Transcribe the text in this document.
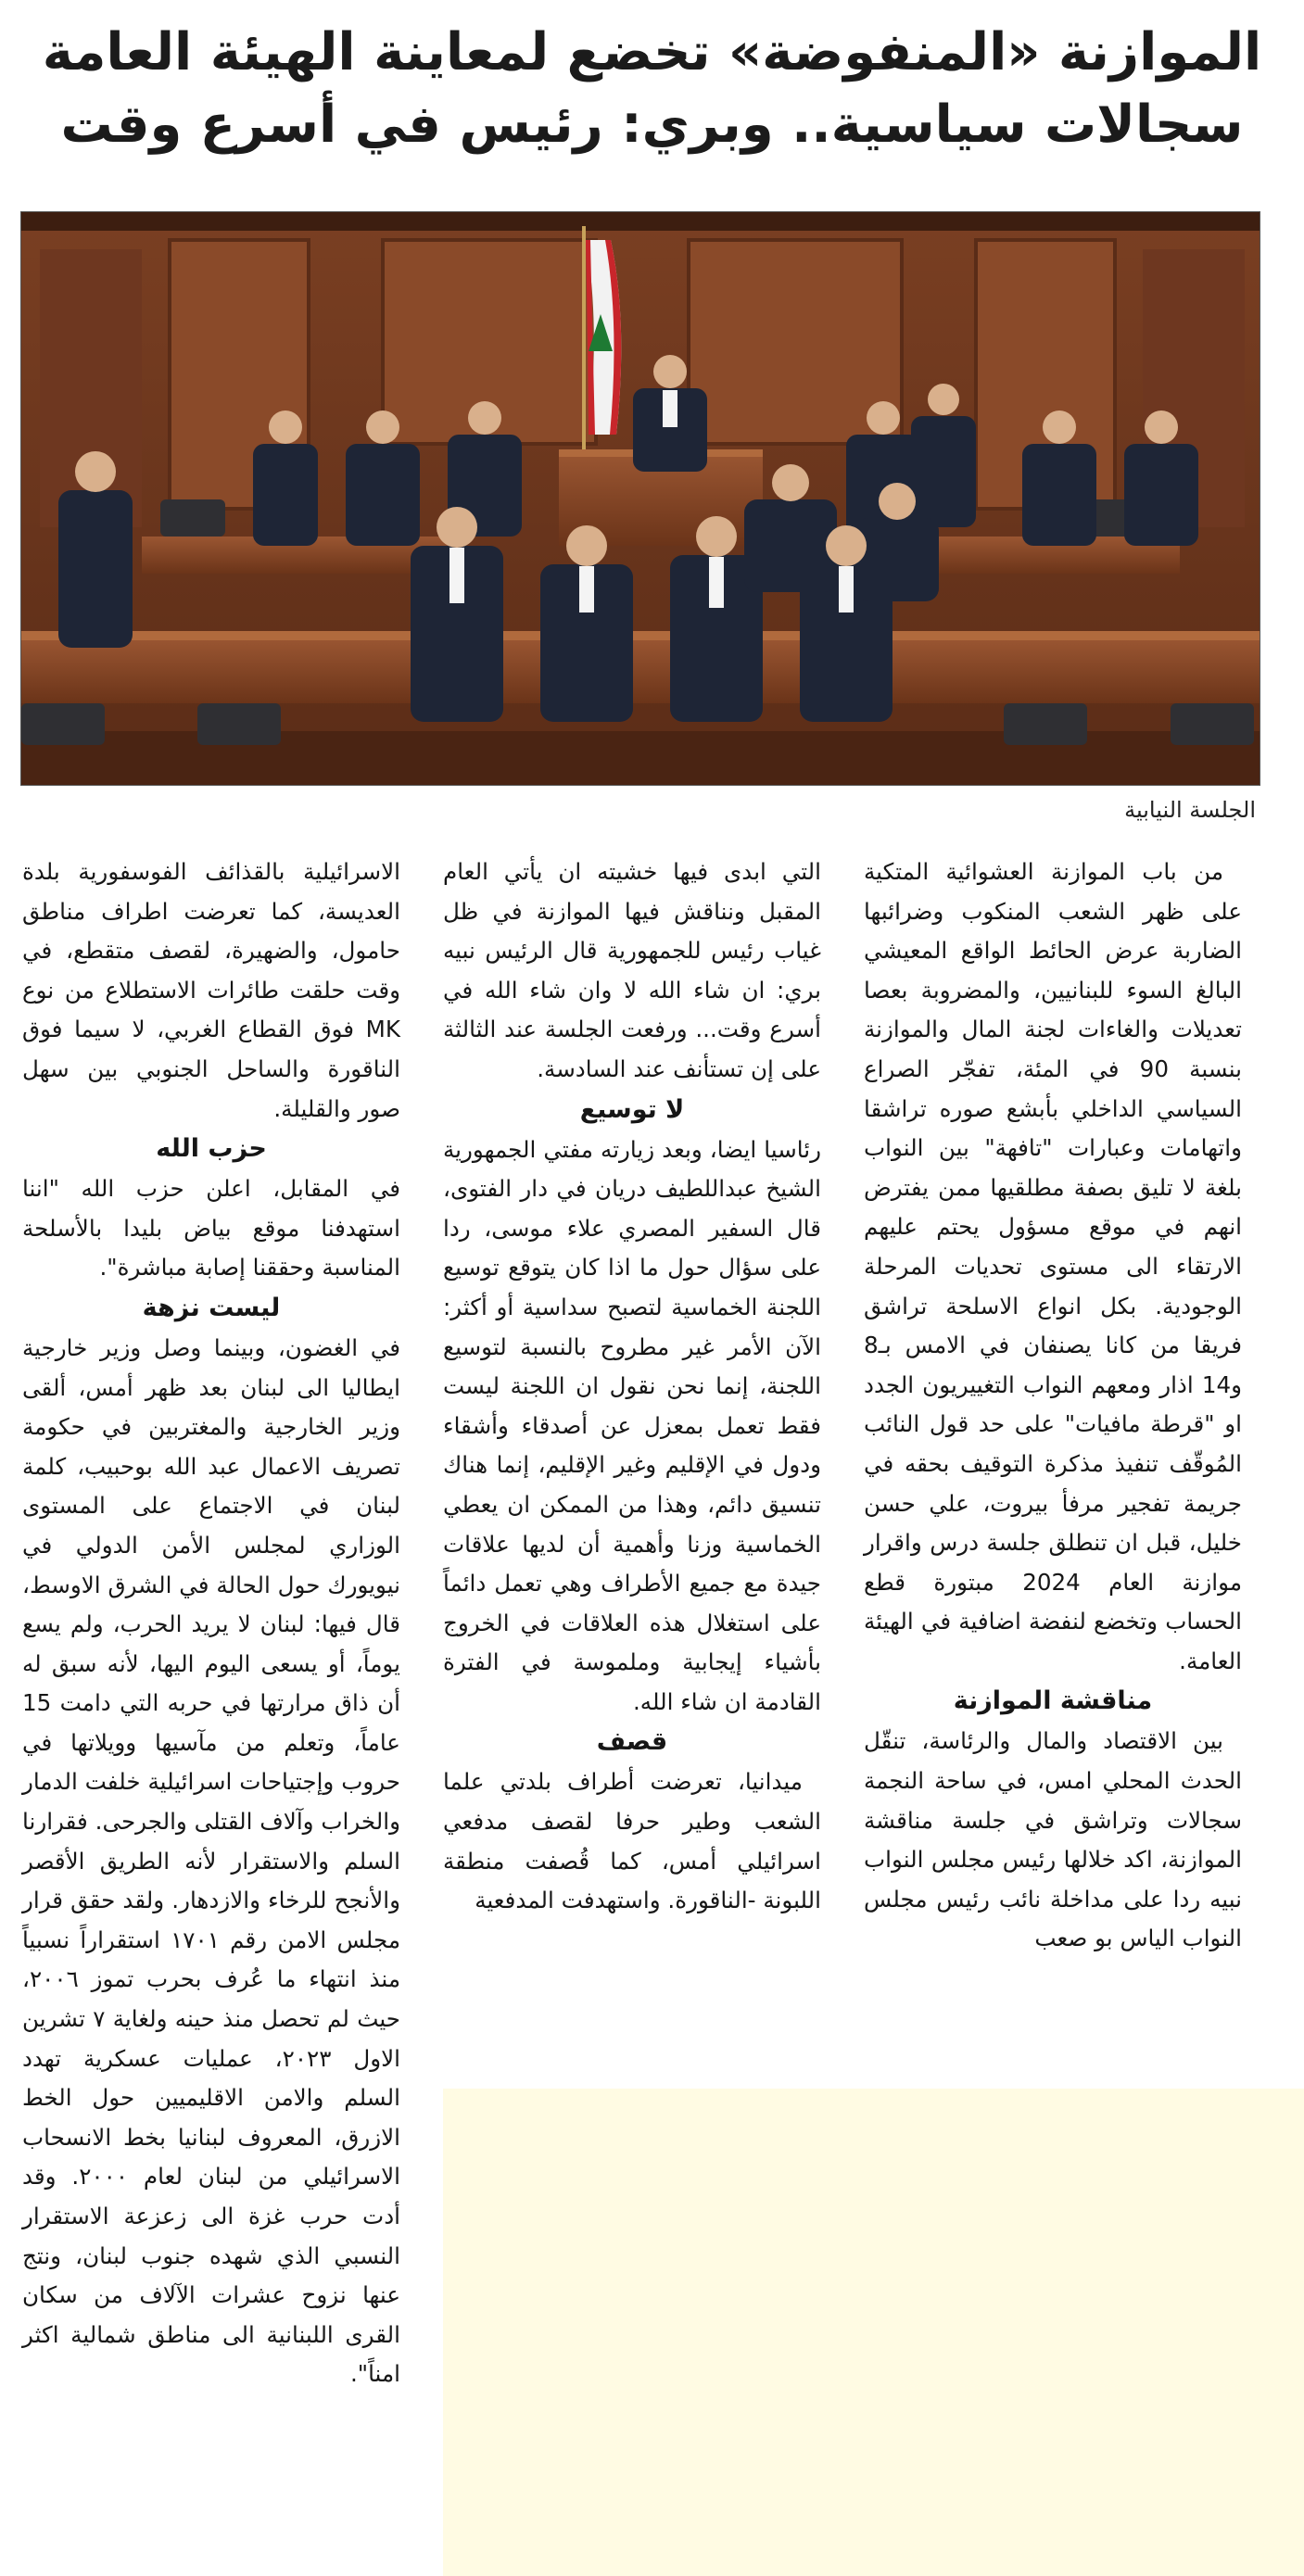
الموازنة «المنفوضة» تخضع لمعاينة الهيئة العامة
سجالات سياسية.. وبري: رئيس في أسرع وقت
الجلسة النيابية

من باب الموازنة العشوائية المتكية على ظهر الشعب المنكوب وضرائبها الضاربة عرض الحائط الواقع المعيشي البالغ السوء للبنانيين، والمضروبة بعصا تعديلات والغاءات لجنة المال والموازنة بنسبة 90 في المئة، تفجّر الصراع السياسي الداخلي بأبشع صوره تراشقا واتهامات وعبارات "تافهة" بين النواب بلغة لا تليق بصفة مطلقيها ممن يفترض انهم في موقع مسؤول يحتم عليهم الارتقاء الى مستوى تحديات المرحلة الوجودية. بكل انواع الاسلحة تراشق فريقا من كانا يصنفان في الامس بـ8 و14 اذار ومعهم النواب التغييريون الجدد او "قرطة مافيات" على حد قول النائب المُوقّف تنفيذ مذكرة التوقيف بحقه في جريمة تفجير مرفأ بيروت، علي حسن خليل، قبل ان تنطلق جلسة درس واقرار موازنة العام 2024 مبتورة قطع الحساب وتخضع لنفضة اضافية في الهيئة العامة.

مناقشة الموازنة

بين الاقتصاد والمال والرئاسة، تنقّل الحدث المحلي امس، في ساحة النجمة سجالات وتراشق في جلسة مناقشة الموازنة، اكد خلالها رئيس مجلس النواب نبيه ردا على مداخلة نائب رئيس مجلس النواب الياس بو صعب

التي ابدى فيها خشيته ان يأتي العام المقبل ونناقش فيها الموازنة في ظل غياب رئيس للجمهورية قال الرئيس نبيه بري: ان شاء الله لا وان شاء الله في أسرع وقت... ورفعت الجلسة عند الثالثة على إن تستأنف عند السادسة.

لا توسيع

رئاسيا ايضا، وبعد زيارته مفتي الجمهورية الشيخ عبداللطيف دريان في دار الفتوى، قال السفير المصري علاء موسى، ردا على سؤال حول ما اذا كان يتوقع توسيع اللجنة الخماسية لتصبح سداسية أو أكثر: الآن الأمر غير مطروح بالنسبة لتوسيع اللجنة، إنما نحن نقول ان اللجنة ليست فقط تعمل بمعزل عن أصدقاء وأشقاء ودول في الإقليم وغير الإقليم، إنما هناك تنسيق دائم، وهذا من الممكن ان يعطي الخماسية وزنا وأهمية أن لديها علاقات جيدة مع جميع الأطراف وهي تعمل دائماً على استغلال هذه العلاقات في الخروج بأشياء إيجابية وملموسة في الفترة القادمة ان شاء الله.

قصف

ميدانيا، تعرضت أطراف بلدتي علما الشعب وطير حرفا لقصف مدفعي اسرائيلي أمس، كما قُصفت منطقة اللبونة -الناقورة. واستهدفت المدفعية

الاسرائيلية بالقذائف الفوسفورية بلدة العديسة، كما تعرضت اطراف مناطق حامول، والضهيرة، لقصف متقطع، في وقت حلقت طائرات الاستطلاع من نوع MK فوق القطاع الغربي، لا سيما فوق الناقورة والساحل الجنوبي بين سهل صور والقليلة.

حزب الله

في المقابل، اعلن حزب الله "اننا استهدفنا موقع بياض بليدا بالأسلحة المناسبة وحققنا إصابة مباشرة".

ليست نزهة

في الغضون، وبينما وصل وزير خارجية ايطاليا الى لبنان بعد ظهر أمس، ألقى وزير الخارجية والمغتربين في حكومة تصريف الاعمال عبد الله بوحبيب، كلمة لبنان في الاجتماع على المستوى الوزاري لمجلس الأمن الدولي في نيويورك حول الحالة في الشرق الاوسط، قال فيها: لبنان لا يريد الحرب، ولم يسع يوماً، أو يسعى اليوم اليها، لأنه سبق له أن ذاق مرارتها في حربه التي دامت 15 عاماً، وتعلم من مآسيها وويلاتها في حروب وإجتياحات اسرائيلية خلفت الدمار والخراب وآلاف القتلى والجرحى. فقرارنا السلم والاستقرار لأنه الطريق الأقصر والأنجح للرخاء والازدهار. ولقد حقق قرار مجلس الامن رقم ١٧٠١ استقراراً نسبياً منذ انتهاء ما عُرف بحرب تموز ٢٠٠٦، حيث لم تحصل منذ حينه ولغاية ٧ تشرين الاول ٢٠٢٣، عمليات عسكرية تهدد السلم والامن الاقليميين حول الخط الازرق، المعروف لبنانيا بخط الانسحاب الاسرائيلي من لبنان لعام ٢٠٠٠. وقد أدت حرب غزة الى زعزعة الاستقرار النسبي الذي شهده جنوب لبنان، ونتج عنها نزوح عشرات الآلاف من سكان القرى اللبنانية الى مناطق شمالية اكثر امناً".
